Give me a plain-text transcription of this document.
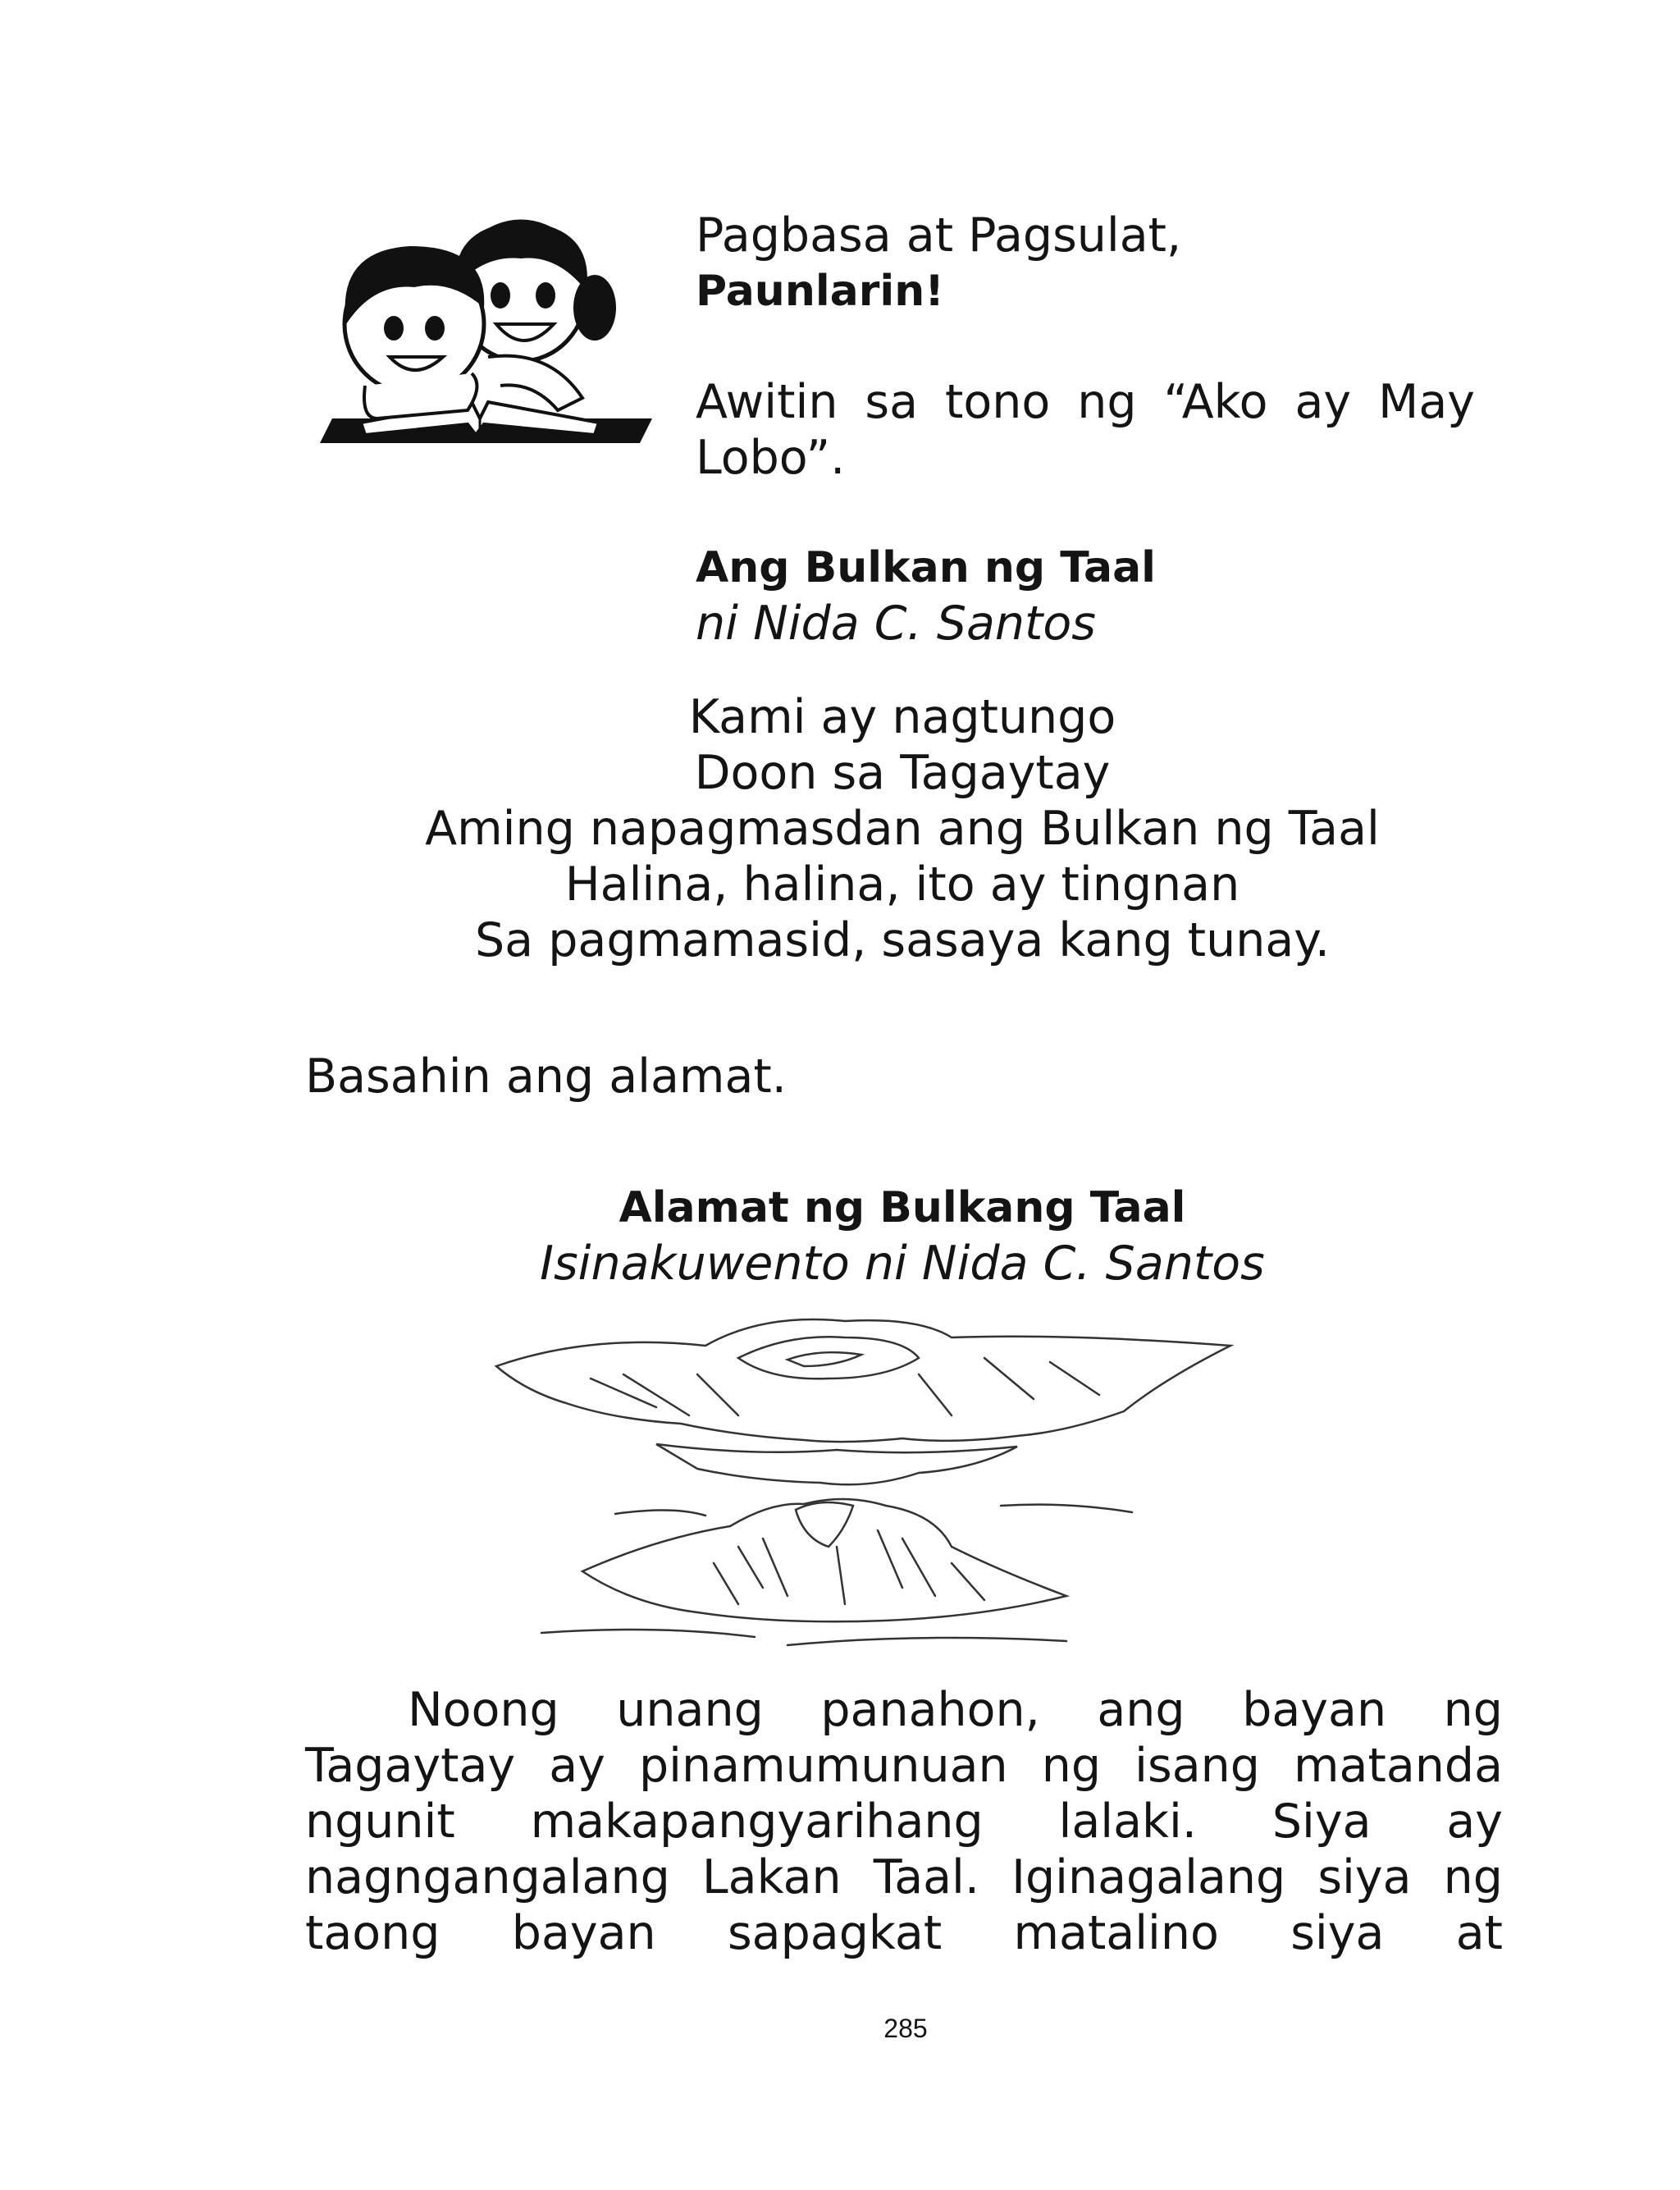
Pagbasa at Pagsulat,
Paunlarin!
Awitin sa tono ng “Ako ay May
Lobo”.
Ang Bulkan ng Taal
ni Nida C. Santos
Kami ay nagtungo
Doon sa Tagaytay
Aming napagmasdan ang Bulkan ng Taal
Halina, halina, ito ay tingnan
Sa pagmamasid, sasaya kang tunay.
Basahin ang alamat.
Alamat ng Bulkang Taal
Isinakuwento ni Nida C. Santos
Noong unang panahon, ang bayan ng
Tagaytay ay pinamumunuan ng isang matanda
ngunit makapangyarihang lalaki. Siya ay
nagngangalang Lakan Taal. Iginagalang siya ng
taong bayan sapagkat matalino siya at
285
